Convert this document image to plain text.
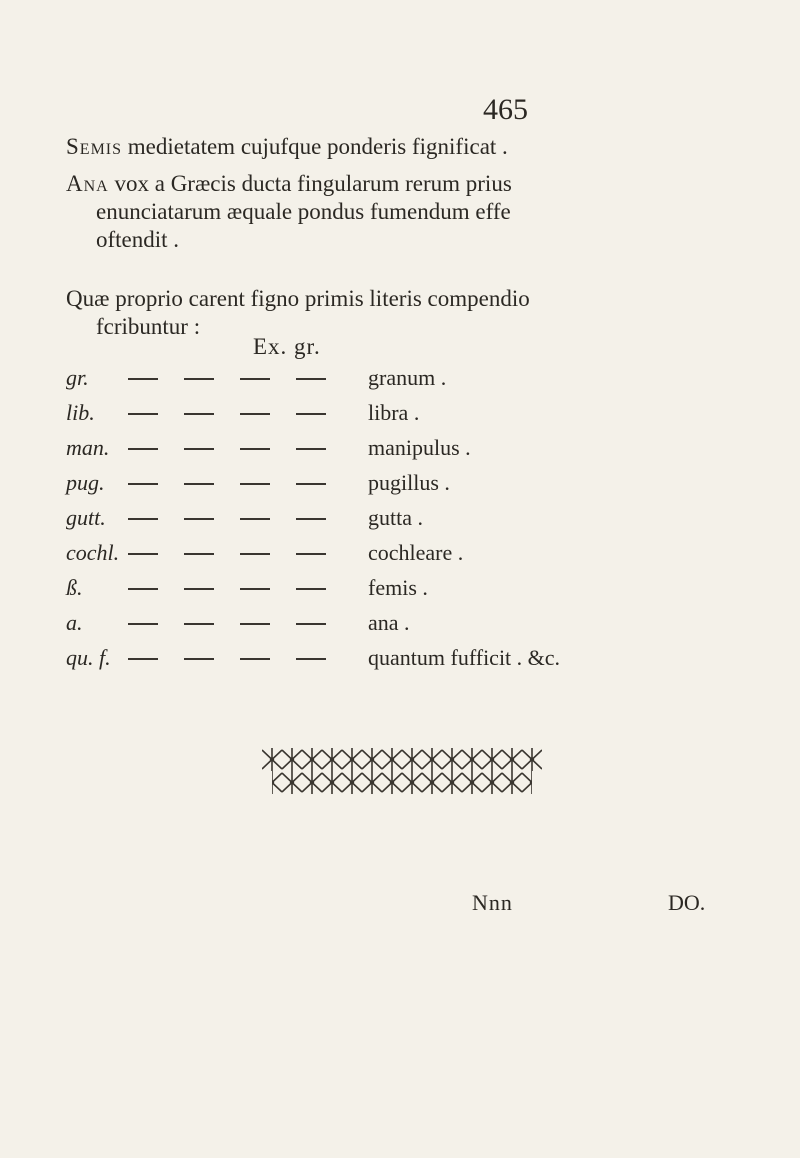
465
Semis medietatem cujufque ponderis fignificat .
Ana vox a Græcis ducta fingularum rerum prius
enunciatarum æquale pondus fumendum effe
oftendit .
Quæ proprio carent figno primis literis compendio
fcribuntur :
Ex. gr.
gr.	granum .
lib.	libra .
man.	manipulus .
pug.	pugillus .
gutt.	gutta .
cochl.	cochleare .
ß.	femis .
a.	ana .
qu. f.	quantum fufficit . &c.
Nnn	DO.
